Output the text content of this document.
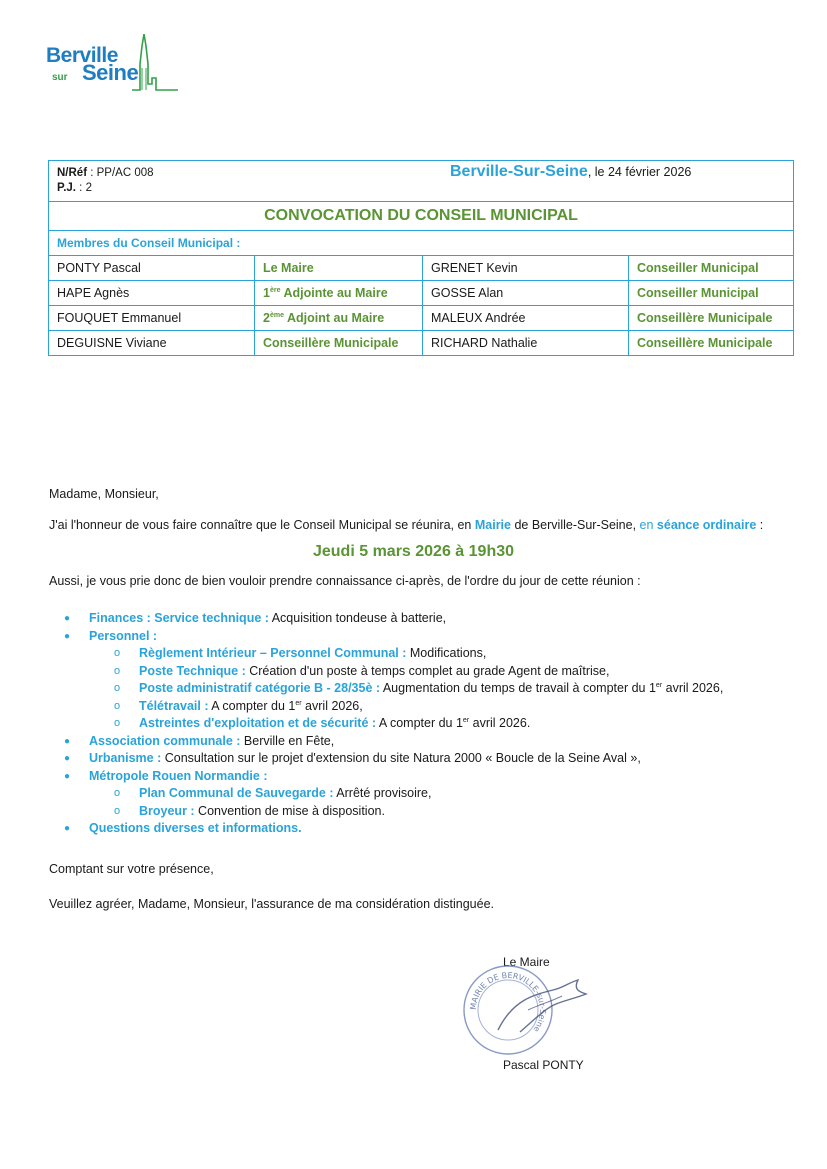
Berville
sur Seine
N/Réf : PP/AC 008
P.J. : 2
Berville-Sur-Seine, le 24 février 2026			

CONVOCATION DU CONSEIL MUNICIPAL			
Membres du Conseil Municipal :			
PONTY Pascal	Le Maire	GRENET Kevin	Conseiller Municipal
HAPE Agnès	1ère Adjointe au Maire	GOSSE Alan	Conseiller Municipal
FOUQUET Emmanuel	2ème Adjoint au Maire	MALEUX Andrée	Conseillère Municipale
DEGUISNE Viviane	Conseillère Municipale	RICHARD Nathalie	Conseillère Municipale
Madame, Monsieur,
J'ai l'honneur de vous faire connaître que le Conseil Municipal se réunira, en Mairie de Berville-Sur-Seine, en séance ordinaire :
Jeudi 5 mars 2026 à 19h30
Aussi, je vous prie donc de bien vouloir prendre connaissance ci-après, de l'ordre du jour de cette réunion :
● Finances : Service technique : Acquisition tondeuse à batterie,
● Personnel :
o Règlement Intérieur – Personnel Communal : Modifications,
o Poste Technique : Création d'un poste à temps complet au grade Agent de maîtrise,
o Poste administratif catégorie B - 28/35è : Augmentation du temps de travail à compter du 1er avril 2026,
o Télétravail : A compter du 1er avril 2026,
o Astreintes d'exploitation et de sécurité : A compter du 1er avril 2026.
● Association communale : Berville en Fête,
● Urbanisme : Consultation sur le projet d'extension du site Natura 2000 « Boucle de la Seine Aval »,
● Métropole Rouen Normandie :
o Plan Communal de Sauvegarde : Arrêté provisoire,
o Broyeur : Convention de mise à disposition.
● Questions diverses et informations.
Comptant sur votre présence,
Veuillez agréer, Madame, Monsieur, l'assurance de ma considération distinguée.
Le Maire
MAIRIE DE BERVILLE-sur-Seine
Pascal PONTY
